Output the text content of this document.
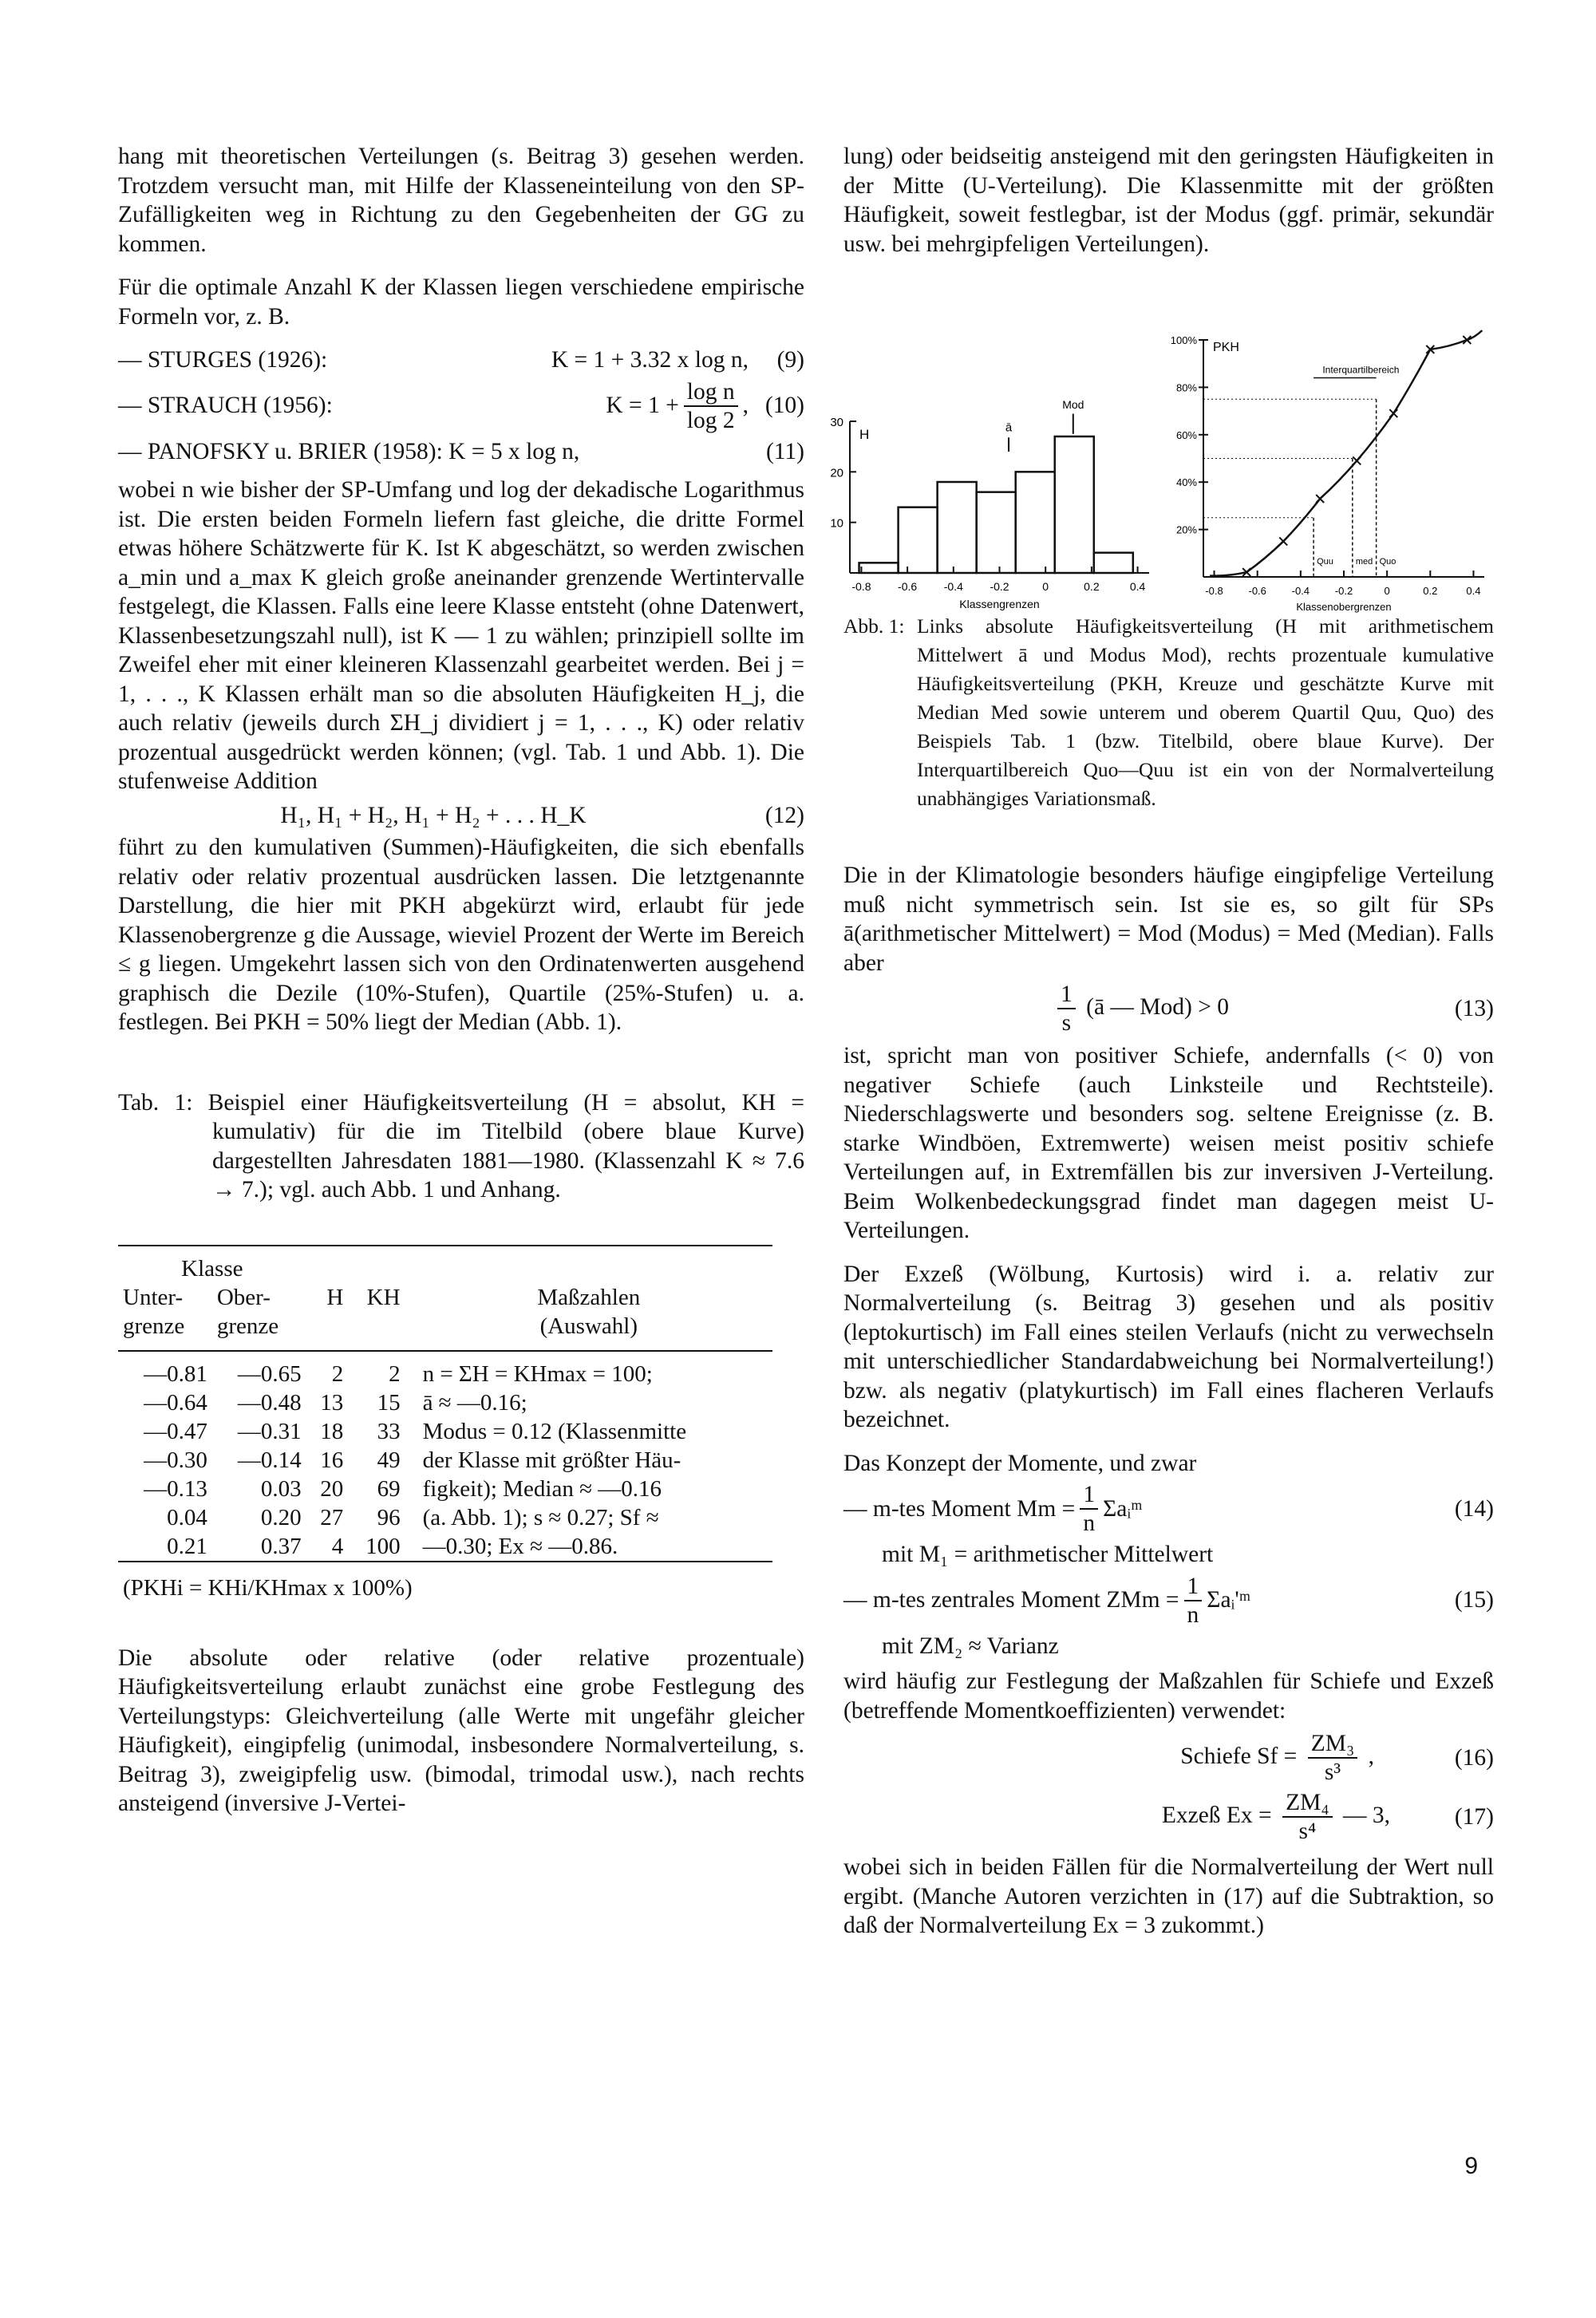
hang mit theoretischen Verteilungen (s. Beitrag 3) gesehen werden. Trotzdem versucht man, mit Hilfe der Klasseneinteilung von den SP-Zufälligkeiten weg in Richtung zu den Gegebenheiten der GG zu kommen.

Für die optimale Anzahl K der Klassen liegen verschiedene empirische Formeln vor, z. B.

— STURGES (1926):	K = 1 + 3.32 x log n,	(9)
— STRAUCH (1956):	$K = 1 + \frac{\text{log n}}{\log 2}$ , (10)
— PANOFSKY u. BRIER (1958):
K = 5 x log n,	(11)

wobei n wie bisher der SP-Umfang und log der dekadische Logarithmus ist. Die ersten beiden Formeln liefern fast gleiche, die dritte Formel etwas höhere Schätzwerte für K. Ist K abgeschätzt, so werden zwischen a_min und a_max K gleich große aneinander grenzende Wertintervalle festgelegt, die Klassen. Falls eine leere Klasse entsteht (ohne Datenwert, Klassenbesetzungszahl null), ist K — 1 zu wählen; prinzipiell sollte im Zweifel eher mit einer kleineren Klassenzahl gearbeitet werden. Bei j = 1, . . ., K Klassen erhält man so die absoluten Häufigkeiten H_j, die auch relativ (jeweils durch ΣH_j dividiert j = 1, . . ., K) oder relativ prozentual ausgedrückt werden können; (vgl. Tab. 1 und Abb. 1). Die stufenweise Addition

H₁, H₁ + H₂, H₁ + H₂ + . . . H_K	(12)

führt zu den kumulativen (Summen)-Häufigkeiten, die sich ebenfalls relativ oder relativ prozentual ausdrücken lassen. Die letztgenannte Darstellung, die hier mit PKH abgekürzt wird, erlaubt für jede Klassenobergrenze g die Aussage, wieviel Prozent der Werte im Bereich ≤ g liegen. Umgekehrt lassen sich von den Ordinatenwerten ausgehend graphisch die Dezile (10%-Stufen), Quartile (25%-Stufen) u. a. festlegen. Bei PKH = 50% liegt der Median (Abb. 1).

Tab. 1: Beispiel einer Häufigkeitsverteilung (H = absolut, KH = kumulativ) für die im Titelbild (obere blaue Kurve) dargestellten Jahresdaten 1881—1980. (Klassenzahl K ≈ 7.6 → 7.); vgl. auch Abb. 1 und Anhang.
Klasse				
Unter-	Ober-	H	KH	Maßzahlen
grenze	grenze			(Auswahl)
—0.81	—0.65	2	2	n = ΣH = KHmax = 100;
—0.64	—0.48	13	15	ā ≈ —0.16;
—0.47	—0.31	18	33	Modus = 0.12 (Klassenmitte
—0.30	—0.14	16	49	der Klasse mit größter Häu-
—0.13	0.03	20	69	figkeit); Median ≈ —0.16
0.04	0.20	27	96	(a. Abb. 1); s ≈ 0.27; Sf ≈
0.21	0.37	4	100	—0.30; Ex ≈ —0.86.
(PKHi = KHi/KHmax x 100%)				

Die absolute oder relative (oder relative prozentuale) Häufigkeitsverteilung erlaubt zunächst eine grobe Festlegung des Verteilungstyps: Gleichverteilung (alle Werte mit ungefähr gleicher Häufigkeit), eingipfelig (unimodal, insbesondere Normalverteilung, s. Beitrag 3), zweigipfelig usw. (bimodal, trimodal usw.), nach rechts ansteigend (inversive J-Vertei-

lung) oder beidseitig ansteigend mit den geringsten Häufigkeiten in der Mitte (U-Verteilung). Die Klassenmitte mit der größten Häufigkeit, soweit festlegbar, ist der Modus (ggf. primär, sekundär usw. bei mehrgipfeligen Verteilungen).

Abb. 1: Links absolute Häufigkeitsverteilung (H mit arithmetischem Mittelwert ā und Modus Mod), rechts prozentuale kumulative Häufigkeitsverteilung (PKH, Kreuze und geschätzte Kurve mit Median Med sowie unterem und oberem Quartil Quu, Quo) des Beispiels Tab. 1 (bzw. Titelbild, obere blaue Kurve). Der Interquartilbereich Quo—Quu ist ein von der Normalverteilung unabhängiges Variationsmaß.

Die in der Klimatologie besonders häufige eingipfelige Verteilung muß nicht symmetrisch sein. Ist sie es, so gilt für SPs ā(arithmetischer Mittelwert) = Mod (Modus) = Med (Median). Falls aber

$\frac{1}{s}$ (ā — Mod) > 0	(13)

ist, spricht man von positiver Schiefe, andernfalls (< 0) von negativer Schiefe (auch Linksteile und Rechtsteile). Niederschlagswerte und besonders sog. seltene Ereignisse (z. B. starke Windböen, Extremwerte) weisen meist positiv schiefe Verteilungen auf, in Extremfällen bis zur inversiven J-Verteilung. Beim Wolkenbedeckungsgrad findet man dagegen meist U-Verteilungen.

Der Exzeß (Wölbung, Kurtosis) wird i. a. relativ zur Normalverteilung (s. Beitrag 3) gesehen und als positiv (leptokurtisch) im Fall eines steilen Verlaufs (nicht zu verwechseln mit unterschiedlicher Standardabweichung bei Normalverteilung!) bzw. als negativ (platykurtisch) im Fall eines flacheren Verlaufs bezeichnet.

Das Konzept der Momente, und zwar

— m-tes Moment $Mm = \frac{1}{n}$ Σaᵢᵐ	(14)
mit M₁ = arithmetischer Mittelwert
— m-tes zentrales Moment ZMm = $\frac{1}{n}$ Σaᵢ'ᵐ	(15)
mit ZM₂ ≈ Varianz

wird häufig zur Festlegung der Maßzahlen für Schiefe und Exzeß (betreffende Momentkoeffizienten) verwendet:

Schiefe $Sf = \frac{\text{ZM₃}}{\text{s³}}$ ,	(16)
Exzeß $Ex = \frac{\text{ZM₄}}{\text{s⁴}}$ — 3,	(17)

wobei sich in beiden Fällen für die Normalverteilung der Wert null ergibt. (Manche Autoren verzichten in (17) auf die Subtraktion, so daß der Normalverteilung Ex = 3 zukommt.)

10
20
30
-0.8 -0.6 -0.4 -0.2	0	0.2	0.4
H	ā
Mod
Klassengrenzen
20%
40%
60%
80%
100%
-0.8 -0.6 -0.4 -0.2	0	0.2	0.4
PKH
Quu	med Quo
Interquartilbereich
Klassenobergrenzen
9
